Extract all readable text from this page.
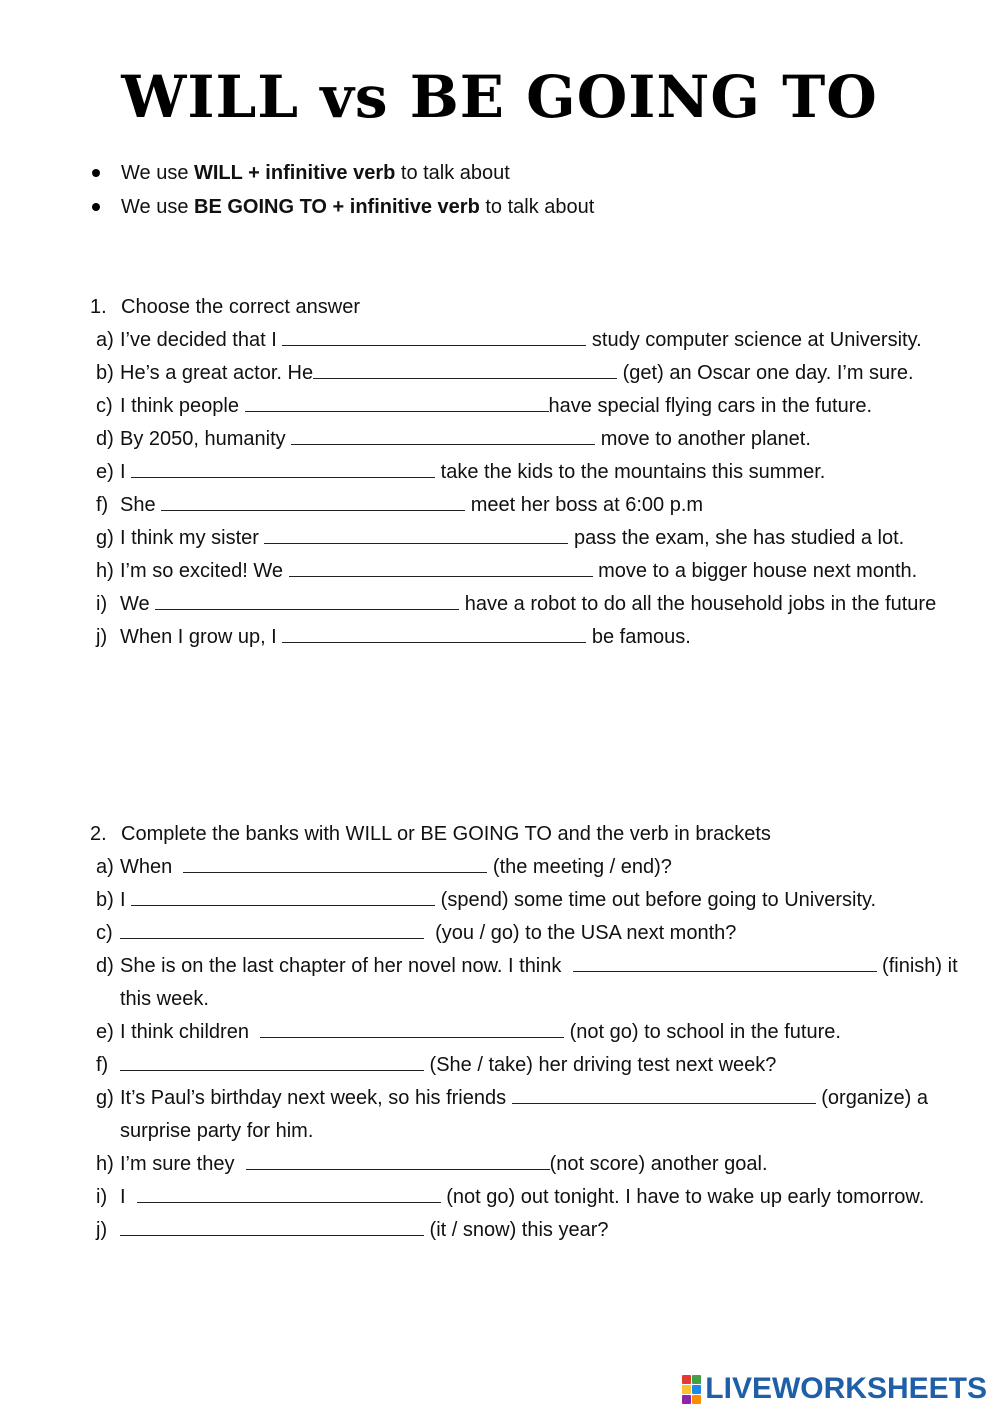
WILL vs BE GOING TO
We use WILL + infinitive verb to talk about
We use BE GOING TO + infinitive verb to talk about
1. Choose the correct answer
a) I’ve decided that I	study computer science at University.
b) He’s a great actor. He	(get) an Oscar one day. I’m sure.
c) I think people	have special flying cars in the future.
d) By 2050, humanity	move to another planet.
e) I	take the kids to the mountains this summer.
f) She	meet her boss at 6:00 p.m
g) I think my sister	pass the exam, she has studied a lot.
h) I’m so excited! We	move to a bigger house next month.
i) We	have a robot to do all the household jobs in the future
j) When I grow up, I	be famous.
2. Complete the banks with WILL or BE GOING TO and the verb in brackets
a) When	(the meeting / end)?
b) I	(spend) some time out before going to University.
c)	(you / go) to the USA next month?
d) She is on the last chapter of her novel now. I think	(finish) it this week.
e) I think children	(not go) to school in the future.
f)	(She / take) her driving test next week?
g) It’s Paul’s birthday next week, so his friends	(organize) a surprise party for him.
h) I’m sure they	(not score) another goal.
i) I	(not go) out tonight. I have to wake up early tomorrow.
j)	(it / snow) this year?
LIVEWORKSHEETS
